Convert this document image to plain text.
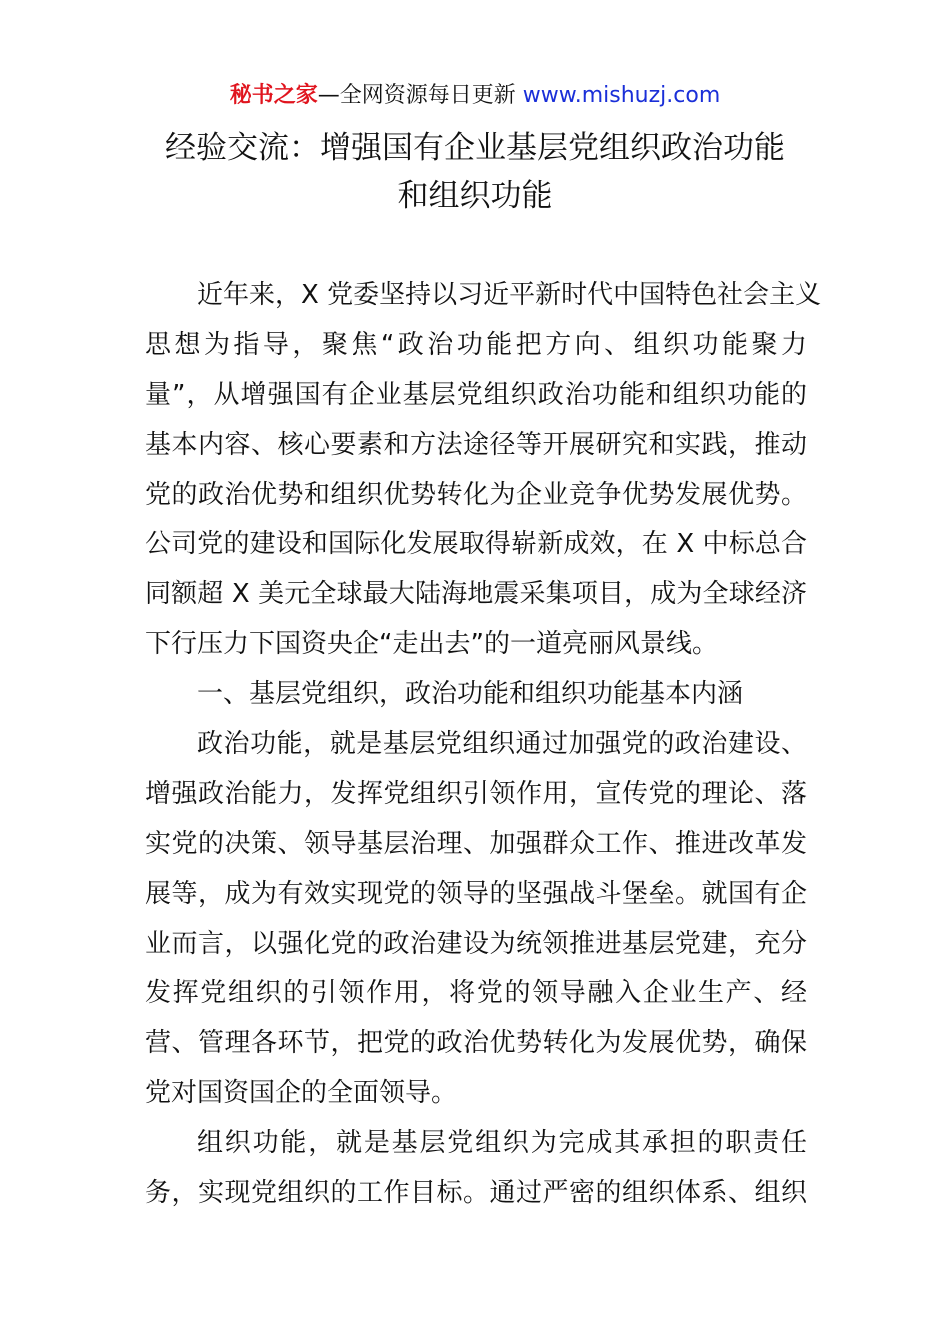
秘书之家—全网资源每日更新 www.mishuzj.com
经验交流：增强国有企业基层党组织政治功能
和组织功能
近年来，X 党委坚持以习近平新时代中国特色社会主义
思想为指导，聚焦“政治功能把方向、组织功能聚力
量”，从增强国有企业基层党组织政治功能和组织功能的
基本内容、核心要素和方法途径等开展研究和实践，推动
党的政治优势和组织优势转化为企业竞争优势发展优势。
公司党的建设和国际化发展取得崭新成效，在 X 中标总合
同额超 X 美元全球最大陆海地震采集项目，成为全球经济
下行压力下国资央企“走出去”的一道亮丽风景线。
一、基层党组织，政治功能和组织功能基本内涵
政治功能，就是基层党组织通过加强党的政治建设、
增强政治能力，发挥党组织引领作用，宣传党的理论、落
实党的决策、领导基层治理、加强群众工作、推进改革发
展等，成为有效实现党的领导的坚强战斗堡垒。就国有企
业而言，以强化党的政治建设为统领推进基层党建，充分
发挥党组织的引领作用，将党的领导融入企业生产、经
营、管理各环节，把党的政治优势转化为发展优势，确保
党对国资国企的全面领导。
组织功能，就是基层党组织为完成其承担的职责任
务，实现党组织的工作目标。通过严密的组织体系、组织
